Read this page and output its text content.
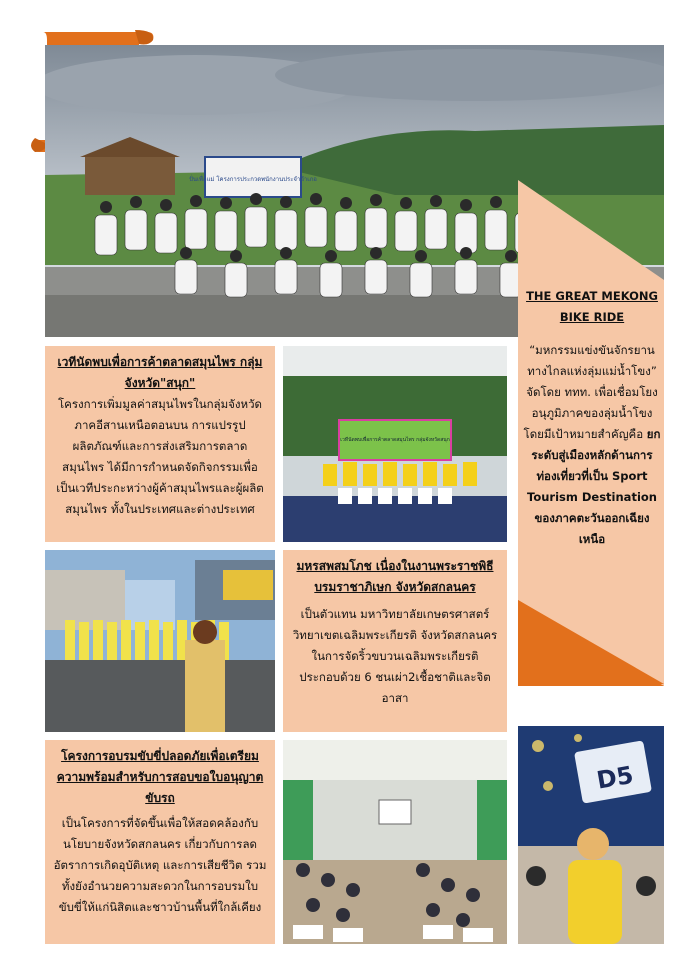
ปั่นเพื่อแม่ โครงการประกวดพนักงานประจำอำเภอ
THE GREAT MEKONG BIKE RIDE
“มหกรรมแข่งขันจักรยานทางไกลแห่งลุ่มแม่น้ำโขง” จัดโดย ททท. เพื่อเชื่อมโยงอนุภูมิภาคของลุ่มน้ำโขง โดยมีเป้าหมายสำคัญคือ ยกระดับสู่เมืองหลักด้านการท่องเที่ยวที่เป็น Sport Tourism Destination ของภาคตะวันออกเฉียงเหนือ
เวทีนัดพบเพื่อการค้าตลาดสมุนไพร กลุ่มจังหวัด"สนุก"
โครงการเพิ่มมูลค่าสมุนไพรในกลุ่มจังหวัดภาคอีสานเหนือตอนบน การแปรรูปผลิตภัณฑ์และการส่งเสริมการตลาดสมุนไพร ได้มีการกำหนดจัดกิจกรรมเพื่อเป็นเวทีประกะหว่างผู้ค้าสมุนไพรและผู้ผลิตสมุนไพร ทั้งในประเทศและต่างประเทศ
เวทีนัดพบเพื่อการค้าตลาดสมุนไพร กลุ่มจังหวัดสนุก
มหรสพสมโภช เนื่องในงานพระราชพิธีบรมราชาภิเษก จังหวัดสกลนคร
เป็นตัวแทน มหาวิทยาลัยเกษตรศาสตร์ วิทยาเขตเฉลิมพระเกียรติ จังหวัดสกลนคร ในการจัดริ้วขบวนเฉลิมพระเกียรติ ประกอบด้วย 6 ชนเผ่า2เชื้อชาติและจิตอาสา
โครงการอบรมขับขี่ปลอดภัยเพื่อเตรียมความพร้อมสำหรับการสอบขอใบอนุญาตขับรถ
เป็นโครงการที่จัดขึ้นเพื่อให้สอดคล้องกับนโยบายจังหวัดสกลนคร เกี่ยวกับการลดอัตราการเกิดอุบัติเหตุ และการเสียชีวิต รวมทั้งยังอำนวยความสะดวกในการอบรมใบขับขี่ให้แก่นิสิตและชาวบ้านพื้นที่ใกล้เคียง
D5
